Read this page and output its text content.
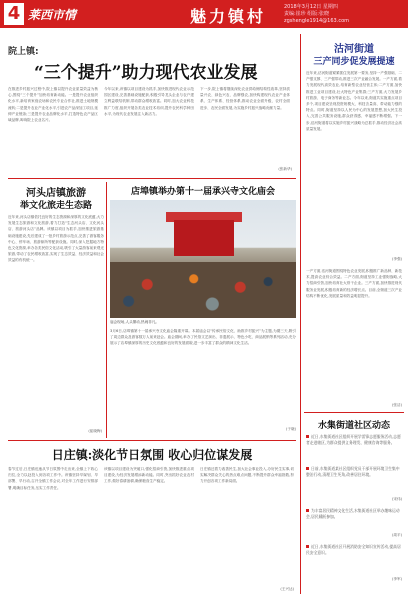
4 莱西市情	魅力镇村	2018年3月12日 星期四
责编:崔珍 组版:张晓
zgshengle1914@163.com
院上镇:
“三个提升”助力现代农业发展
在推进乡村振兴过程中,院上镇以提升农业质量效益为核心,围绕“三个提升”加快培育新动能。一是提升农业组织化水平,新培育家庭农场和农民专业合作社,推进土地规模流转;二是提升农业产业化水平,引进农产品深加工项目,延伸产业链条;三是提升农业品牌化水平,打造特色农产品区域品牌,叫响院上农业名片。
今年以来,该镇以项目建设为抓手,加快推进现代农业示范园区建设,完善基础设施配套,积极引导龙头企业与农户建立利益联结机制,带动群众增收致富。同时,加大农业科技推广力度,组织开展各类农业技术培训,提升农民科学种田水平,为现代农业发展注入新活力。
下一步,院上镇将继续深化农业供给侧结构性改革,坚持质量兴农、绿色兴农、品牌强农,加快构建现代农业产业体系、生产体系、经营体系,推动农业全面升级、农村全面进步、农民全面发展,为实施乡村振兴战略贡献力量。
(张新华)
沽河街道
三产同步促发展提速
近年来,沽河街道紧紧抓住发展第一要务,坚持一产强基础、二产强支撑、三产强带动,推进三次产业融合发展。一产方面,着力发展现代高效农业,培育新型农业经营主体;二产方面,加快推进工业项目建设,壮大特色产业集群;三产方面,大力发展乡村旅游、电子商务等新业态。今年以来,街道共实施重点项目多个,项目建设呈现投资规模大、科技含量高、带动能力强的特点。同时,街道坚持以人民为中心的发展思想,加大民生投入,完善公共服务设施,群众获得感、幸福感不断增强。下一步,沽河街道将以实施乡村振兴战略为总抓手,推动经济社会高质量发展。
(李强)
河头店镇旅游
举文化旅走生态路
近年来,河头店镇依托良好的生态资源和深厚的文化底蕴,大力发展生态旅游和文化旅游,着力打造“生态河头店、文化河头店、旅游河头店”品牌。该镇以项目为抓手,加快推进旅游基础设施建设,先后建成了一批乡村旅游示范点,完善了游客服务中心、停车场、旅游厕所等配套设施。同时,深入挖掘地方特色文化资源,举办各类民俗文化活动,吸引了大量游客前来观光旅游,带动了农民增收致富,实现了生态效益、经济效益和社会效益的有机统一。
(崔晓梅)
店埠镇举办第十一届承兴寺文化庙会
庙会现场,人头攒动,热闹非凡。
3月6日,店埠镇第十一届承兴寺文化庙会隆重开幕。本届庙会以“传承民俗文化、助推乡村振兴”为主题,为期三天,吸引了周边群众及游客数万人前来赶会。庙会期间,举办了民俗文艺演出、非遗展示、特色小吃、商品展销等系列活动,充分展示了店埠镇深厚的历史文化底蕴和良好的发展面貌,进一步丰富了群众的精神文化生活。
(于晓)
一产方面,沽河街道围绕特色农业发展,积极推广新品种、新技术,提高农业综合效益。二产方面,街道坚持工业强街战略,大力招商引资,加快培育壮大骨干企业。三产方面,加快推进现代服务业发展,积极培育新的经济增长点。目前,全街道三次产业结构不断优化,发展质量和效益明显提升。
(张洁)
水集街道社区动态
近日,水集街道社区组织开展学雷锋志愿服务活动,志愿者走进辖区,为群众提供义务理发、健康咨询等服务。
日前,水集街道某社区组织党员干部开展环境卫生集中整治行动,清理卫生死角,改善居住环境。
(宋伟)
为丰富居民精神文化生活,水集街道社区举办趣味运动会,居民踊跃参加。
(周平)
近日,水集街道社区开展消防安全知识宣传活动,提高居民安全意识。
(李军)
日庄镇:淡化节日氛围 收心归位谋发展
春节过后,日庄镇迅速从节日氛围中走出来,全镇上下收心归位,全力以赴投入到各项工作中。该镇坚持早谋划、早部署、早行动,召开全镇工作会议,对全年工作进行安排部署,明确目标任务,压实工作责任。
该镇以项目建设为突破口,强化招商引资,加快推进重点项目建设,为经济发展增添新动能。同时,突出抓好农业农村工作,做好春耕备耕,确保粮食生产稳定。
日庄镇还着力改善民生,加大社会事业投入,办好民生实事,切实解决群众关心的热点难点问题,不断提升群众幸福指数,努力开创各项工作新局面。
(王兴达)
